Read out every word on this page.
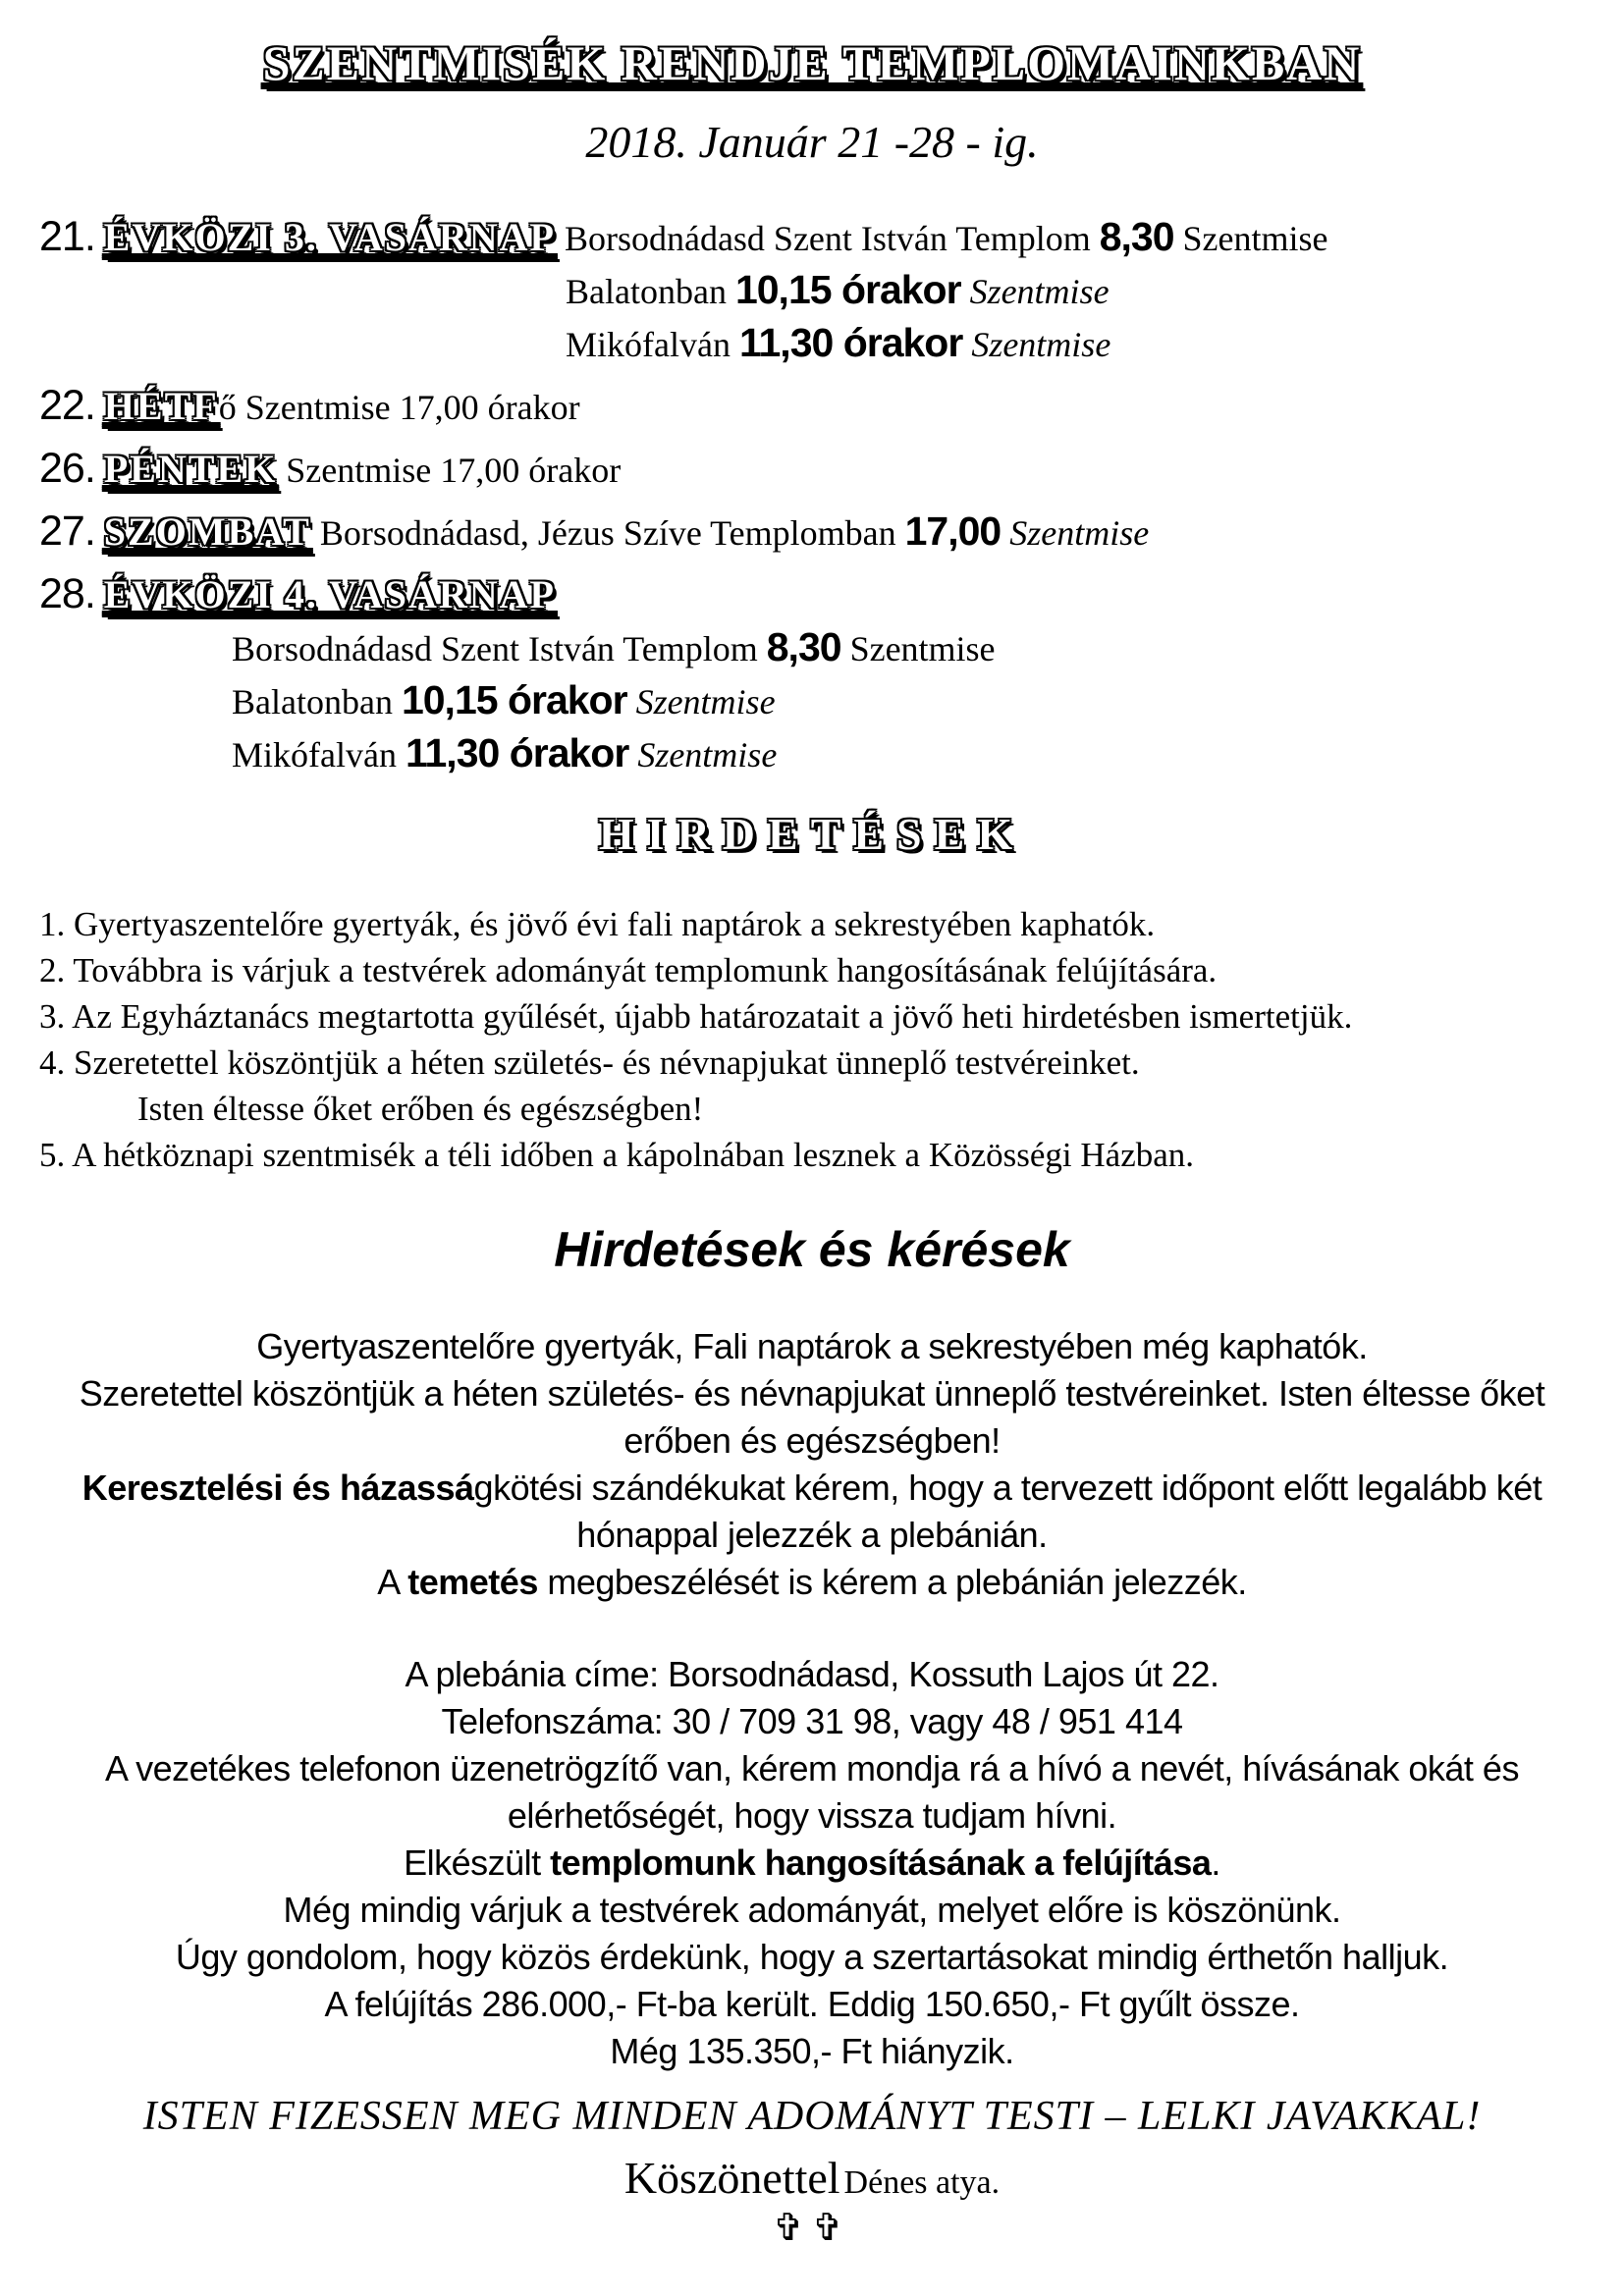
SZENTMISÉK RENDJE TEMPLOMAINKBAN
2018. Január 21 -28 - ig.
21. ÉVKÖZI 3. VASÁRNAP Borsodnádasd Szent István Templom 8,30 Szentmise
Balatonban 10,15 órakor Szentmise
Mikófalván 11,30 órakor Szentmise
22. HÉTFő Szentmise 17,00 órakor
26. PÉNTEK Szentmise 17,00 órakor
27. SZOMBAT Borsodnádasd, Jézus Szíve Templomban 17,00 Szentmise
28. ÉVKÖZI 4. VASÁRNAP
Borsodnádasd Szent István Templom 8,30 Szentmise
Balatonban 10,15 órakor Szentmise
Mikófalván 11,30 órakor Szentmise
HIRDETÉSEK
1. Gyertyaszentelőre gyertyák, és jövő évi fali naptárok a sekrestyében kaphatók.
2. Továbbra is várjuk a testvérek adományát templomunk hangosításának felújítására.
3. Az Egyháztanács megtartotta gyűlését, újabb határozatait a jövő heti hirdetésben ismertetjük.
4. Szeretettel köszöntjük a héten születés- és névnapjukat ünneplő testvéreinket.
Isten éltesse őket erőben és egészségben!
5. A hétköznapi szentmisék a téli időben a kápolnában lesznek a Közösségi Házban.
Hirdetések és kérések
Gyertyaszentelőre gyertyák, Fali naptárok a sekrestyében még kaphatók.
Szeretettel köszöntjük a héten születés- és névnapjukat ünneplő testvéreinket. Isten éltesse őket erőben és egészségben!
Keresztelési és házasságkötési szándékukat kérem, hogy a tervezett időpont előtt legalább két hónappal jelezzék a plebánián.
A temetés megbeszélését is kérem a plebánián jelezzék.
A plebánia címe: Borsodnádasd, Kossuth Lajos út 22.
Telefonszáma: 30 / 709 31 98, vagy 48 / 951 414
A vezetékes telefonon üzenetrögzítő van, kérem mondja rá a hívó a nevét, hívásának okát és elérhetőségét, hogy vissza tudjam hívni.
Elkészült templomunk hangosításának a felújítása.
Még mindig várjuk a testvérek adományát, melyet előre is köszönünk.
Úgy gondolom, hogy közös érdekünk, hogy a szertartásokat mindig érthetőn halljuk.
A felújítás 286.000,- Ft-ba került. Eddig 150.650,- Ft gyűlt össze.
Még 135.350,- Ft hiányzik.
ISTEN FIZESSEN MEG MINDEN ADOMÁNYT TESTI – LELKI JAVAKKAL!
Köszönettel Dénes atya.
✞✞
